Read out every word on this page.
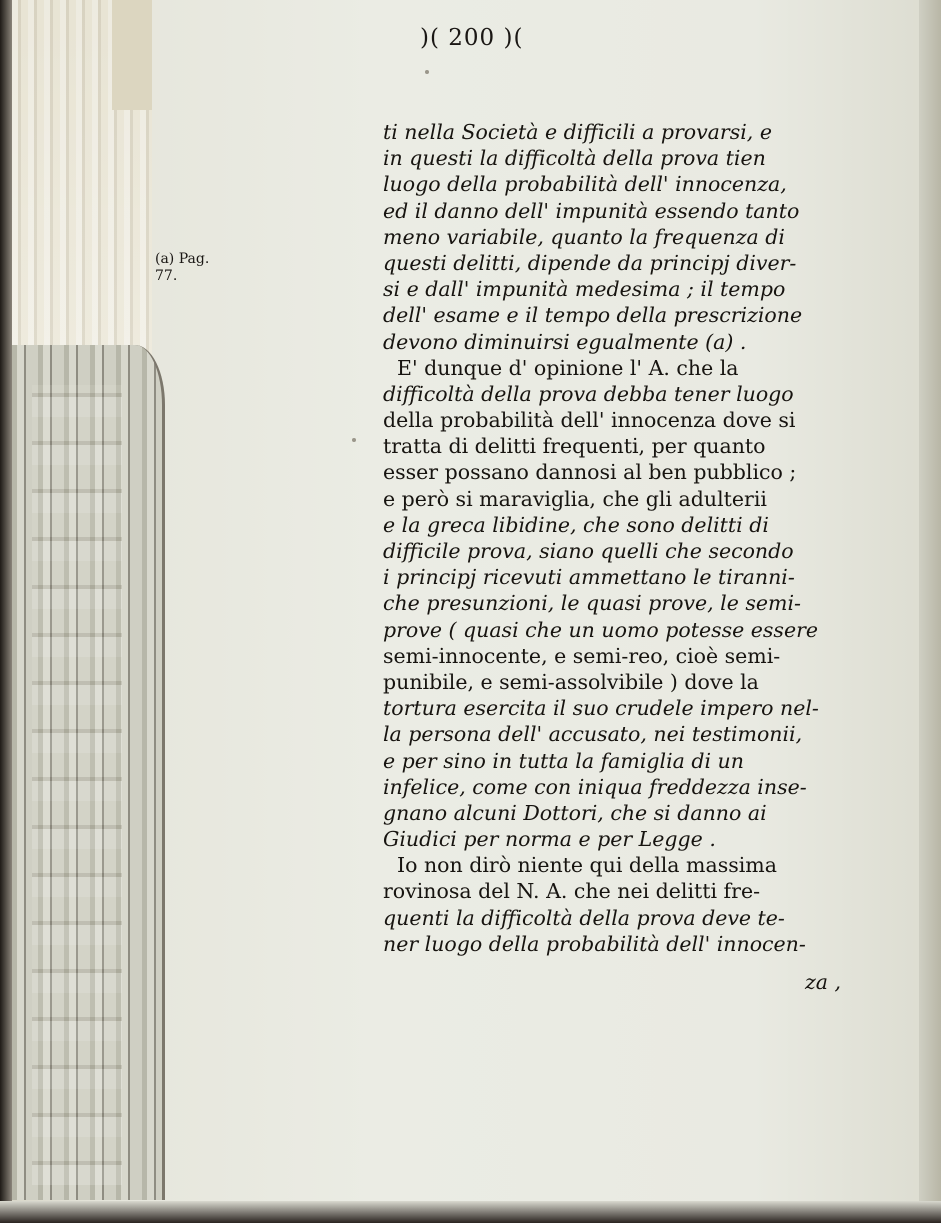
)( 200 )(
(a) Pag.
77.
ti nella Società e difficili a provarsi, e
in questi la difficoltà della prova tien
luogo della probabilità dell' innocenza,
ed il danno dell' impunità essendo tanto
meno variabile, quanto la frequenza di
questi delitti, dipende da principj diver-
si e dall' impunità medesima ; il tempo
dell' esame e il tempo della prescrizione
devono diminuirsi egualmente (a) .
E' dunque d' opinione l' A. che la
difficoltà della prova debba tener luogo
della probabilità dell' innocenza dove si
tratta di delitti frequenti, per quanto
esser possano dannosi al ben pubblico ;
e però si maraviglia, che gli adulterii
e la greca libidine, che sono delitti di
difficile prova, siano quelli che secondo
i principj ricevuti ammettano le tiranni-
che presunzioni, le quasi prove, le semi-
prove ( quasi che un uomo potesse essere
semi-innocente, e semi-reo, cioè semi-
punibile, e semi-assolvibile ) dove la
tortura esercita il suo crudele impero nel-
la persona dell' accusato, nei testimonii,
e per sino in tutta la famiglia di un
infelice, come con iniqua freddezza inse-
gnano alcuni Dottori, che si danno ai
Giudici per norma e per Legge .
Io non dirò niente qui della massima
rovinosa del N. A. che nei delitti fre-
quenti la difficoltà della prova deve te-
ner luogo della probabilità dell' innocen-
za ,
